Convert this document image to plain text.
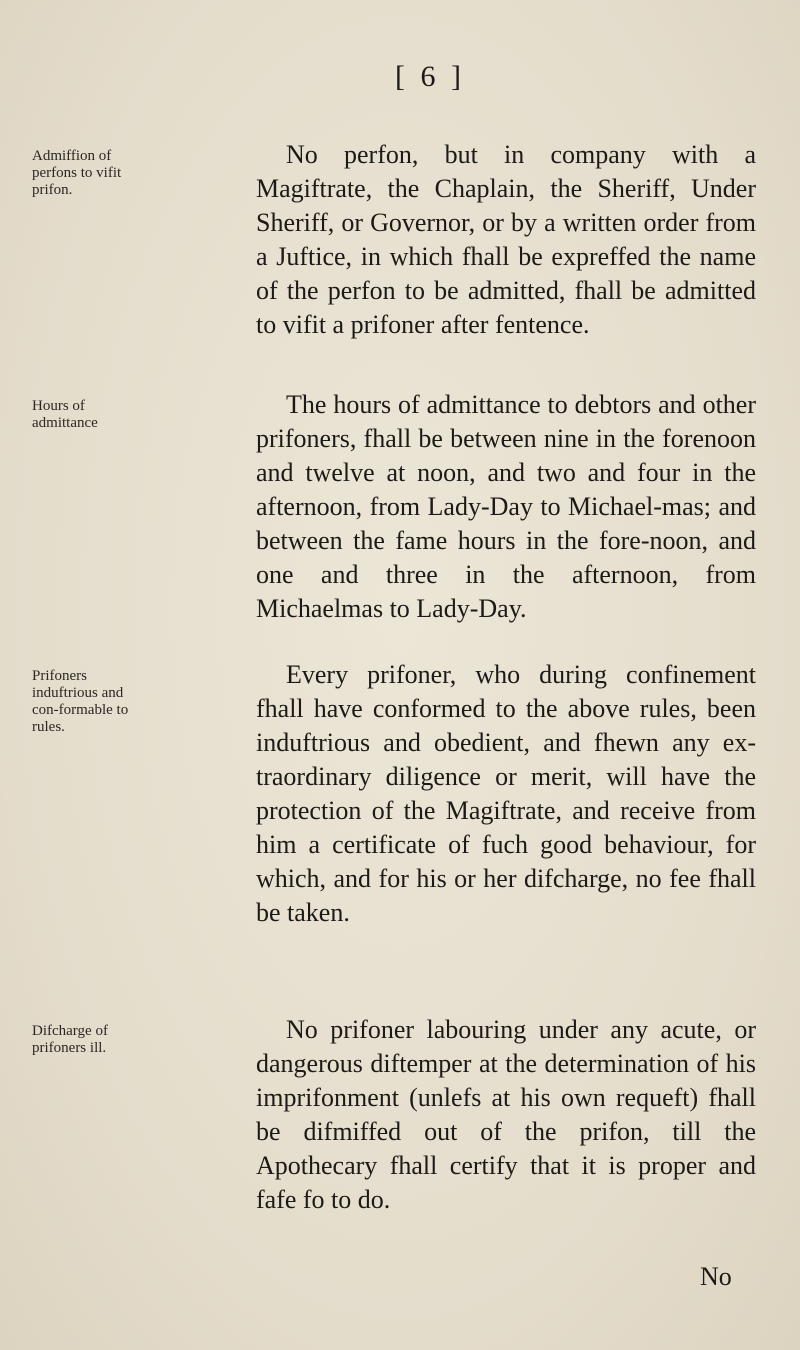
[ 6 ]
Admiffion of perfons to vifit prifon.

No perfon, but in company with a Magiftrate, the Chaplain, the Sheriff, Under Sheriff, or Governor, or by a written order from a Juftice, in which fhall be expreffed the name of the perfon to be admitted, fhall be admitted to vifit a prifoner after fentence.

Hours of admittance

The hours of admittance to debtors and other prifoners, fhall be between nine in the forenoon and twelve at noon, and two and four in the afternoon, from Lady-Day to Michael-mas; and between the fame hours in the fore-noon, and one and three in the afternoon, from Michaelmas to Lady-Day.

Prifoners induftrious and con-formable to rules.

Every prifoner, who during confinement fhall have conformed to the above rules, been induftrious and obedient, and fhewn any ex-traordinary diligence or merit, will have the protection of the Magiftrate, and receive from him a certificate of fuch good behaviour, for which, and for his or her difcharge, no fee fhall be taken.

Difcharge of prifoners ill.

No prifoner labouring under any acute, or dangerous diftemper at the determination of his imprifonment (unlefs at his own requeft) fhall be difmiffed out of the prifon, till the Apothecary fhall certify that it is proper and fafe fo to do.

No
